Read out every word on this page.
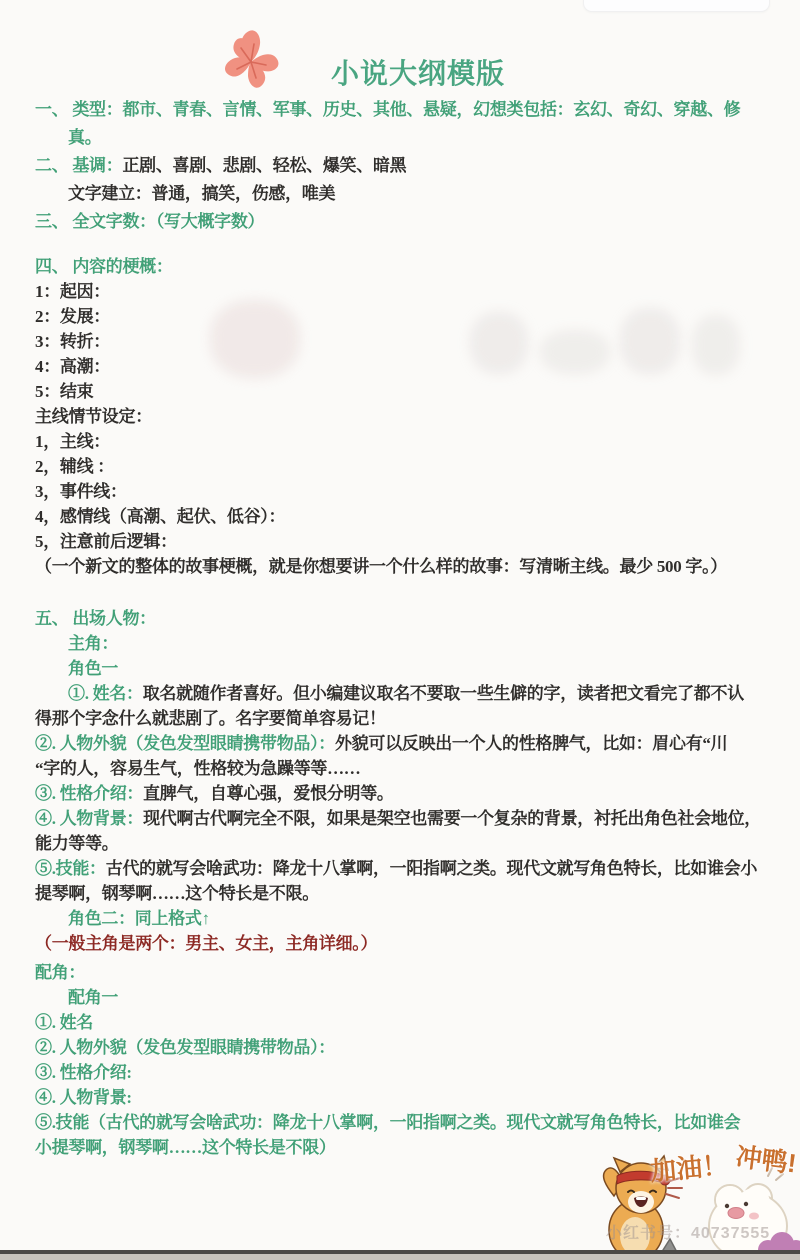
小说大纲模版
一、 类型：都市、青春、言情、军事、历史、其他、悬疑，幻想类包括：玄幻、奇幻、穿越、修
真。
二、 基调：正剧、喜剧、悲剧、轻松、爆笑、暗黑
文字建立：普通，搞笑，伤感，唯美
三、 全文字数：（写大概字数）
四、 内容的梗概：
1：起因：
2：发展：
3：转折：
4：高潮：
5：结束
主线情节设定：
1，主线：
2，辅线 ：
3，事件线：
4，感情线（高潮、起伏、低谷）：
5，注意前后逻辑：
（一个新文的整体的故事梗概，就是你想要讲一个什么样的故事：写清晰主线。最少 500 字。）
五、 出场人物：
主角：
角色一
①. 姓名：取名就随作者喜好。但小编建议取名不要取一些生僻的字，读者把文看完了都不认
得那个字念什么就悲剧了。名字要简单容易记！
②. 人物外貌（发色发型眼睛携带物品）：外貌可以反映出一个人的性格脾气，比如：眉心有“川
“字的人，容易生气，性格较为急躁等等……
③. 性格介绍：直脾气，自尊心强，爱恨分明等。
④. 人物背景：现代啊古代啊完全不限，如果是架空也需要一个复杂的背景，衬托出角色社会地位，
能力等等。
⑤.技能：古代的就写会啥武功：降龙十八掌啊，一阳指啊之类。现代文就写角色特长，比如谁会小
提琴啊，钢琴啊……这个特长是不限。
角色二：同上格式↑
（一般主角是两个：男主、女主，主角详细。）
配角：
配角一
①. 姓名
②. 人物外貌（发色发型眼睛携带物品）：
③. 性格介绍:
④. 人物背景:
⑤.技能（古代的就写会啥武功：降龙十八掌啊，一阳指啊之类。现代文就写角色特长，比如谁会
小提琴啊，钢琴啊……这个特长是不限）
加油！ 冲鸭!
小红书号：40737555
